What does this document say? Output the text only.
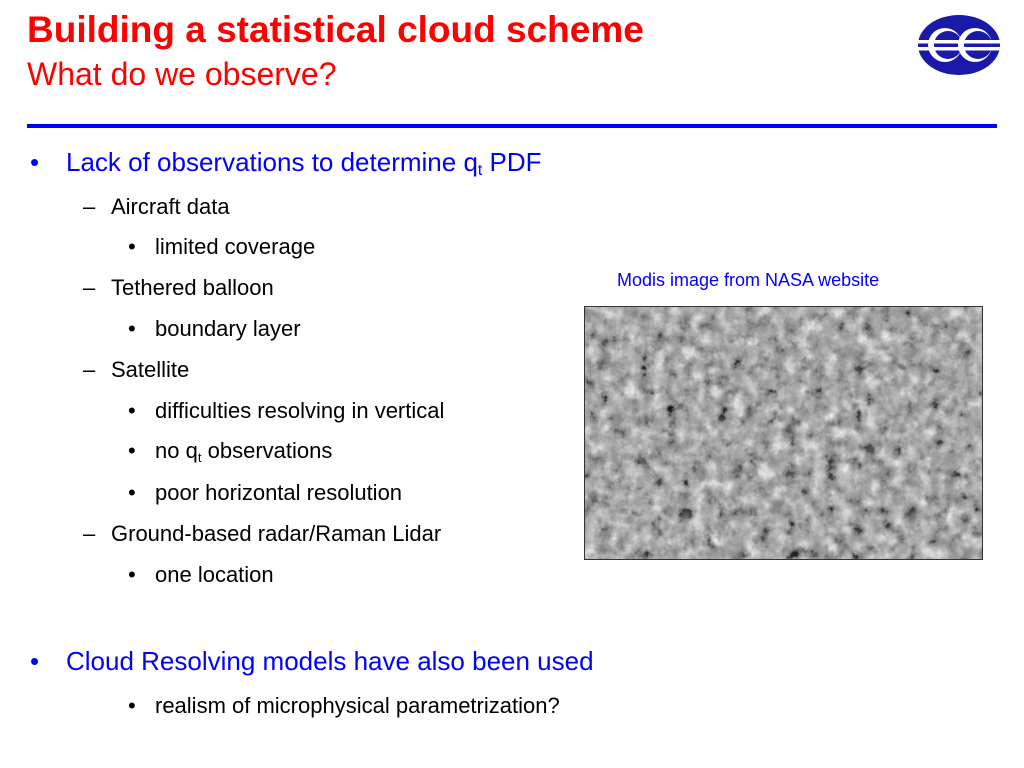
Building a statistical cloud scheme
What do we observe?
• Lack of observations to determine $q_t$ PDF
– Aircraft data
• limited coverage
– Tethered balloon
• boundary layer
– Satellite
• difficulties resolving in vertical
• no $q_t$ observations
• poor horizontal resolution
– Ground-based radar/Raman Lidar
• one location
• Cloud Resolving models have also been used
• realism of microphysical parametrization?
Modis image from NASA website
